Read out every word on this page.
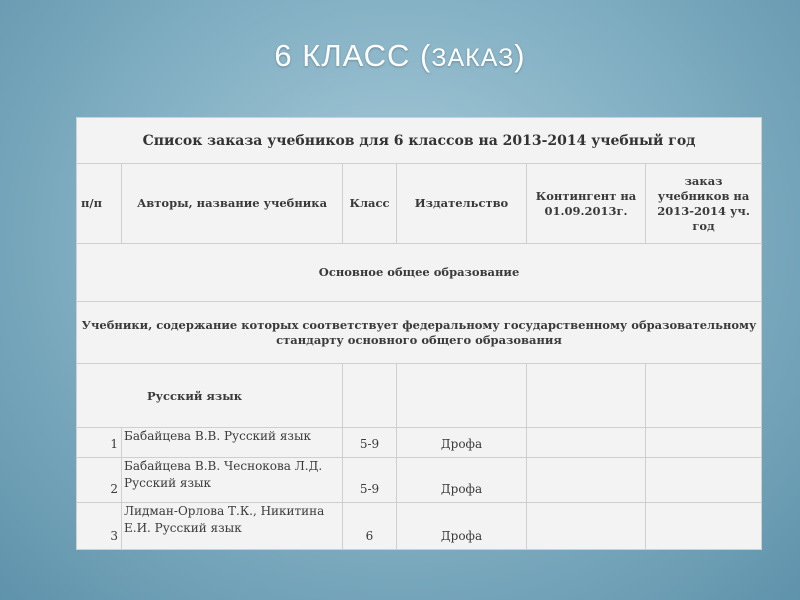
6 КЛАСС (ЗАКАЗ)
Список заказа учебников для 6 классов на 2013-2014 учебный год					
п/п	Авторы, название учебника	Класс	Издательство	Контингент на 01.09.2013г.	заказ учебников на 2013-2014 уч. год
Основное общее образование					
Учебники, содержание которых соответствует федеральному государственному образовательному стандарту основного общего образования					
Русский язык					
1	Бабайцева В.В. Русский язык	5-9	Дрофа		
2	Бабайцева В.В. Чеснокова Л.Д. Русский язык	5-9	Дрофа		
3	Лидман-Орлова Т.К., Никитина Е.И. Русский язык	6	Дрофа		
